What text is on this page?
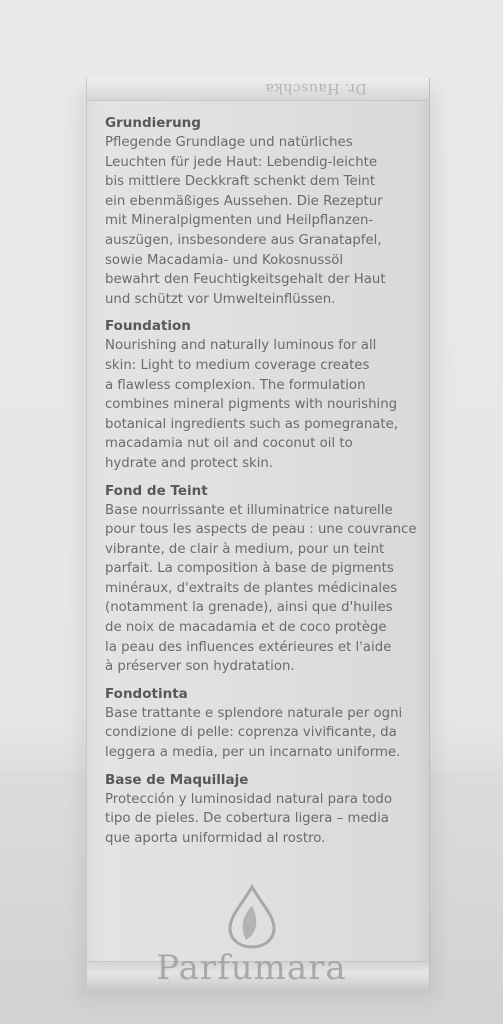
Dr. Hauschka
Grundierung

Pflegende Grundlage und natürliches
Leuchten für jede Haut: Lebendig-leichte
bis mittlere Deckkraft schenkt dem Teint
ein ebenmäßiges Aussehen. Die Rezeptur
mit Mineralpigmenten und Heilpflanzen-
auszügen, insbesondere aus Granatapfel,
sowie Macadamia- und Kokosnussöl
bewahrt den Feuchtigkeitsgehalt der Haut
und schützt vor Umwelteinflüssen.

Foundation

Nourishing and naturally luminous for all
skin: Light to medium coverage creates
a flawless complexion. The formulation
combines mineral pigments with nourishing
botanical ingredients such as pomegranate,
macadamia nut oil and coconut oil to
hydrate and protect skin.

Fond de Teint

Base nourrissante et illuminatrice naturelle
pour tous les aspects de peau : une couvrance
vibrante, de clair à medium, pour un teint
parfait. La composition à base de pigments
minéraux, d'extraits de plantes médicinales
(notamment la grenade), ainsi que d'huiles
de noix de macadamia et de coco protège
la peau des influences extérieures et l'aide
à préserver son hydratation.

Fondotinta

Base trattante e splendore naturale per ogni
condizione di pelle: coprenza vivificante, da
leggera a media, per un incarnato uniforme.

Base de Maquillaje

Protección y luminosidad natural para todo
tipo de pieles. De cobertura ligera – media
que aporta uniformidad al rostro.

Parfumara
